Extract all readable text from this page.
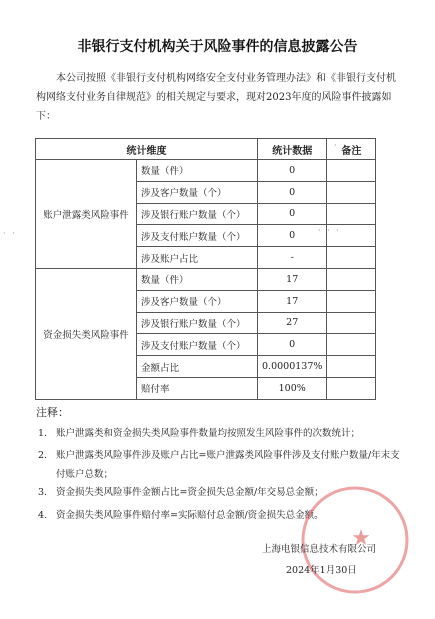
非银行支付机构关于风险事件的信息披露公告
本公司按照《非银行支付机构网络安全支付业务管理办法》和《非银行支付机构网络支付业务自律规范》的相关规定与要求，现对2023年度的风险事件披露如下：
统计维度		统计数据	备注
账户泄露类风险事件	数量（件）	0	
	涉及客户数量（个）	0	
	涉及银行账户数量（个）	0	
	涉及支付账户数量（个）	0	
	涉及账户占比	-	
资金损失类风险事件	数量（件）	17	
	涉及客户数量（个）	17	
	涉及银行账户数量（个）	27	
	涉及支付账户数量（个）	0	
	金额占比	0.0000137%	
	赔付率	100%	
· · ·
· ·	· · ·
注释：
1. 账户泄露类和资金损失类风险事件数量均按照发生风险事件的次数统计；
2. 账户泄露类风险事件涉及账户占比=账户泄露类风险事件涉及支付账户数量/年末支付账户总数；
3. 资金损失类风险事件金额占比=资金损失总金额/年交易总金额；
4. 资金损失类风险事件赔付率=实际赔付总金额/资金损失总金额。
★
上海电银信息技术有限公司
2024年1月30日
